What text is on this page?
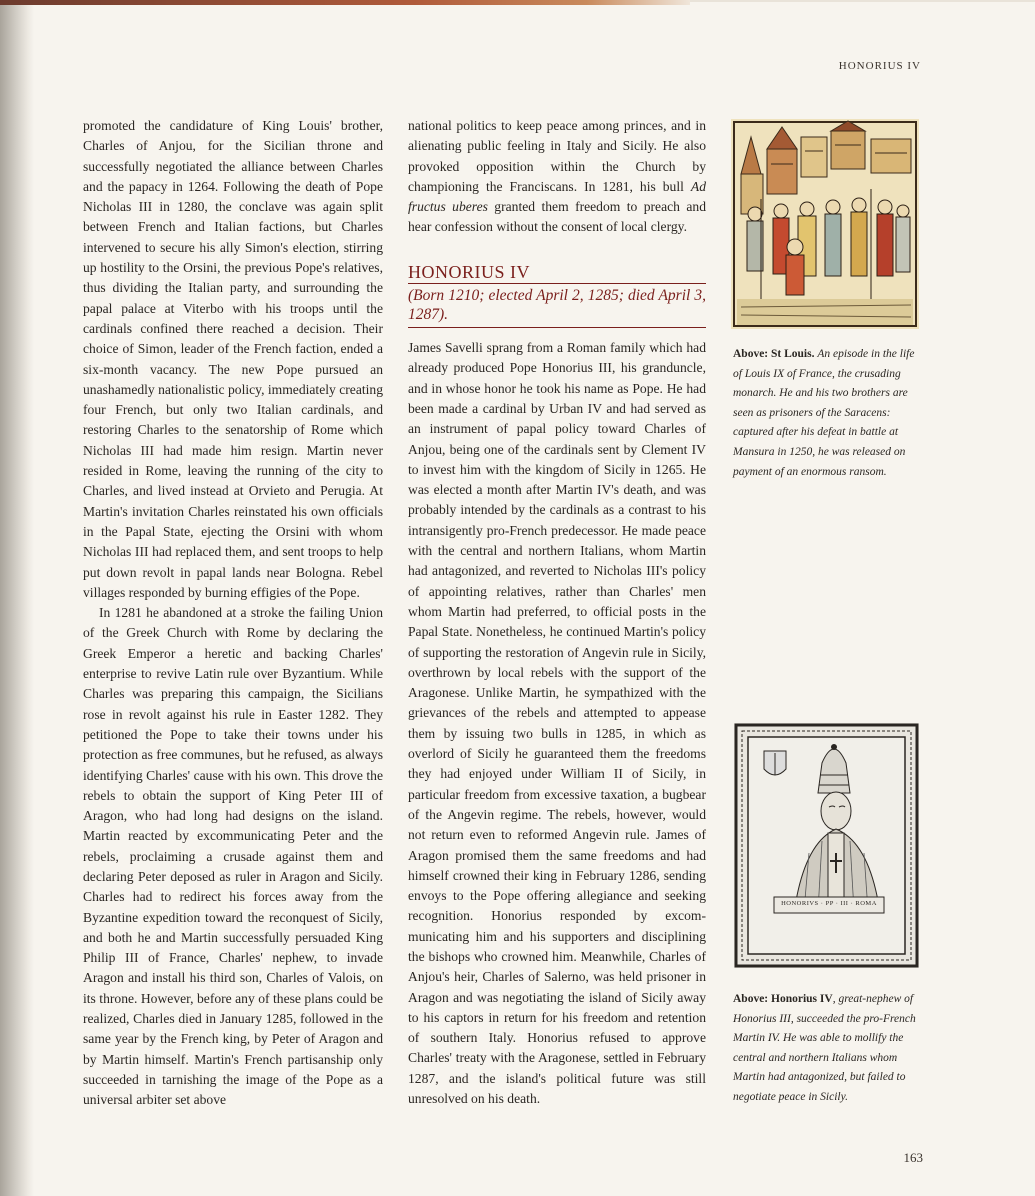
HONORIUS IV

promoted the candidature of King Louis' brother, Charles of Anjou, for the Sicilian throne and successfully negotiated the alliance between Charles and the papacy in 1264. Following the death of Pope Nicholas III in 1280, the conclave was again split between French and Italian factions, but Charles intervened to secure his ally Simon's election, stirring up hostility to the Orsini, the previous Pope's relatives, thus dividing the Italian party, and surrounding the papal palace at Viterbo with his troops until the cardinals confined there reached a decision. Their choice of Simon, leader of the French faction, ended a six-month vacancy. The new Pope pursued an unashamedly nationalistic policy, immediately creating four French, but only two Italian cardinals, and restoring Charles to the senatorship of Rome which Nicholas III had made him resign. Martin never resided in Rome, leaving the running of the city to Charles, and lived instead at Orvieto and Perugia. At Martin's invitation Charles reinstated his own officials in the Papal State, ejecting the Orsini with whom Nicholas III had replaced them, and sent troops to help put down revolt in papal lands near Bologna. Rebel villages responded by burning effigies of the Pope.

In 1281 he abandoned at a stroke the failing Union of the Greek Church with Rome by declaring the Greek Emperor a heretic and backing Charles' enterprise to revive Latin rule over Byzantium. While Charles was preparing this campaign, the Sicilians rose in revolt against his rule in Easter 1282. They petitioned the Pope to take their towns under his protection as free communes, but he refused, as always identifying Charles' cause with his own. This drove the rebels to obtain the support of King Peter III of Aragon, who had long had designs on the island. Martin reacted by excommunicating Peter and the rebels, proclaiming a crusade against them and declaring Peter deposed as ruler in Aragon and Sicily. Charles had to redirect his forces away from the Byzantine expedition toward the reconquest of Sicily, and both he and Martin successfully persuaded King Philip III of France, Charles' nephew, to invade Aragon and install his third son, Charles of Valois, on its throne. However, before any of these plans could be realized, Charles died in January 1285, followed in the same year by the French king, by Peter of Aragon and by Martin himself. Martin's French partisanship only succeeded in tarnishing the image of the Pope as a universal arbiter set above

national politics to keep peace among princes, and in alienating public feeling in Italy and Sicily. He also provoked opposition within the Church by championing the Franciscans. In 1281, his bull Ad fructus uberes granted them freedom to preach and hear confession without the consent of local clergy.

HONORIUS IV
(Born 1210; elected April 2, 1285; died April 3, 1287).

James Savelli sprang from a Roman family which had already produced Pope Honorius III, his granduncle, and in whose honor he took his name as Pope. He had been made a cardinal by Urban IV and had served as an instrument of papal policy toward Charles of Anjou, being one of the cardinals sent by Clement IV to invest him with the kingdom of Sicily in 1265. He was elected a month after Martin IV's death, and was probably intended by the cardinals as a contrast to his intransigently pro-French predecessor. He made peace with the central and northern Italians, whom Martin had antagonized, and reverted to Nicholas III's policy of appointing relatives, rather than Charles' men whom Martin had preferred, to official posts in the Papal State. Nonetheless, he continued Martin's policy of supporting the restoration of Angevin rule in Sicily, overthrown by local rebels with the support of the Aragonese. Unlike Martin, he sympathized with the grievances of the rebels and attempted to appease them by issuing two bulls in 1285, in which as overlord of Sicily he guaranteed them the freedoms they had enjoyed under William II of Sicily, in particular freedom from excessive taxation, a bugbear of the Angevin regime. The rebels, however, would not return even to reformed Angevin rule. James of Aragon promised them the same freedoms and had himself crowned their king in February 1286, sending envoys to the Pope offering allegiance and seeking recognition. Honorius responded by excom- municating him and his supporters and disciplining the bishops who crowned him. Meanwhile, Charles of Anjou's heir, Charles of Salerno, was held prisoner in Aragon and was negotiating the island of Sicily away to his captors in return for his freedom and retention of southern Italy. Honorius refused to approve Charles' treaty with the Aragonese, settled in February 1287, and the island's political future was still unresolved on his death.

Above: St Louis. An episode in the life of Louis IX of France, the crusading monarch. He and his two brothers are seen as prisoners of the Saracens: captured after his defeat in battle at Mansura in 1250, he was released on payment of an enormous ransom.
HONORIVS · PP · III · ROMA
Above: Honorius IV, great-nephew of Honorius III, succeeded the pro-French Martin IV. He was able to mollify the central and northern Italians whom Martin had antagonized, but failed to negotiate peace in Sicily.
163
